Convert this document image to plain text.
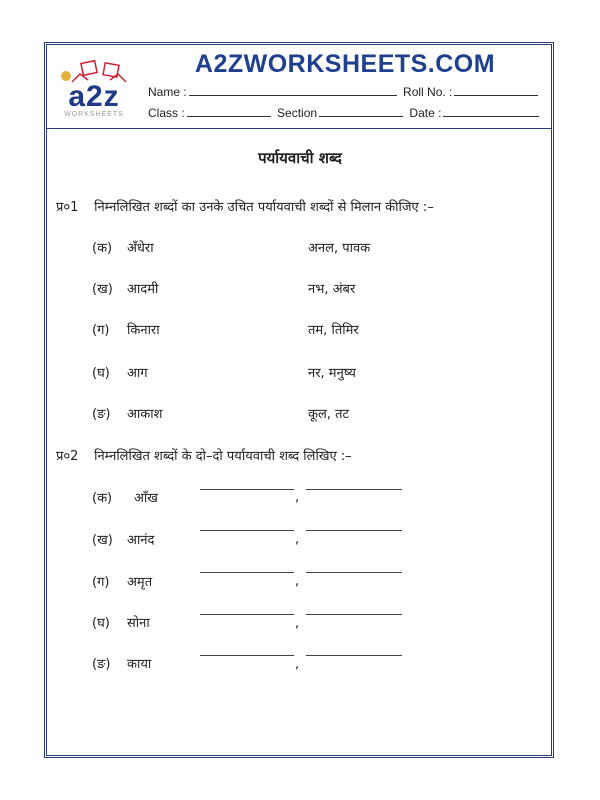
a2z
WORKSHEETS
A2ZWORKSHEETS.COM
Name :	Roll No. :
Class :	Section	Date :
पर्यायवाची शब्द
प्र०1 निम्नलिखित शब्दों का उनके उचित पर्यायवाची शब्दों से मिलान कीजिए :–
(क) अँधेरा	अनल, पावक
(ख) आदमी	नभ, अंबर
(ग) किनारा	तम, तिमिर
(घ) आग	नर, मनुष्य
(ङ) आकाश	कूल, तट
प्र०2 निम्नलिखित शब्दों के दो–दो पर्यायवाची शब्द लिखिए :–
(क) आँख	,
(ख) आनंद	,
(ग) अमृत	,
(घ) सोना	,
(ङ) काया	,
